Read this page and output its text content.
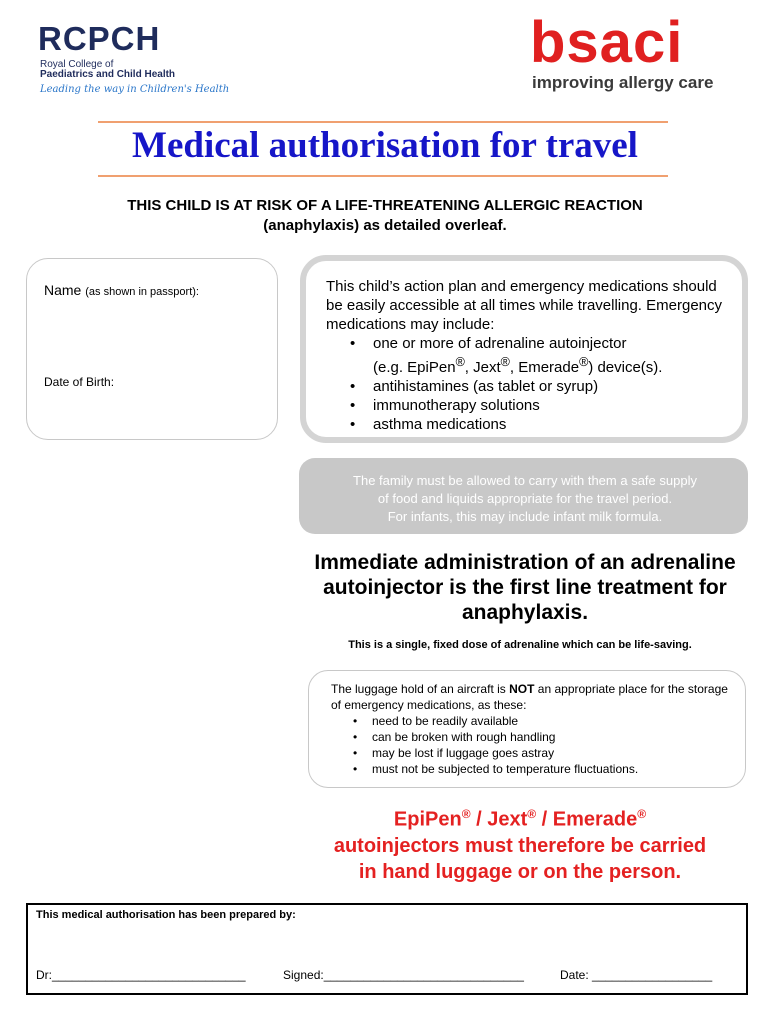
RCPCH
Royal College of
Paediatrics and Child Health
Leading the way in Children's Health
bsaci
improving allergy care
Medical authorisation for travel
THIS CHILD IS AT RISK OF A LIFE-THREATENING ALLERGIC REACTION
(anaphylaxis) as detailed overleaf.
Name (as shown in passport):
Date of Birth:
This child’s action plan and emergency medications should be easily accessible at all times while travelling. Emergency medications may include:
• one or more of adrenaline autoinjector
(e.g. EpiPen®, Jext®, Emerade®) device(s).
• antihistamines (as tablet or syrup)
• immunotherapy solutions
• asthma medications
The family must be allowed to carry with them a safe supply
of food and liquids appropriate for the travel period.
For infants, this may include infant milk formula.
Immediate administration of an adrenaline autoinjector is the first line treatment for anaphylaxis.
This is a single, fixed dose of adrenaline which can be life-saving.
The luggage hold of an aircraft is NOT an appropriate place for the storage of emergency medications, as these:
• need to be readily available
• can be broken with rough handling
• may be lost if luggage goes astray
• must not be subjected to temperature fluctuations.
EpiPen® / Jext® / Emerade®
autoinjectors must therefore be carried
in hand luggage or on the person.
This medical authorisation has been prepared by:
Dr:_____________________________	Signed:______________________________	Date: __________________
